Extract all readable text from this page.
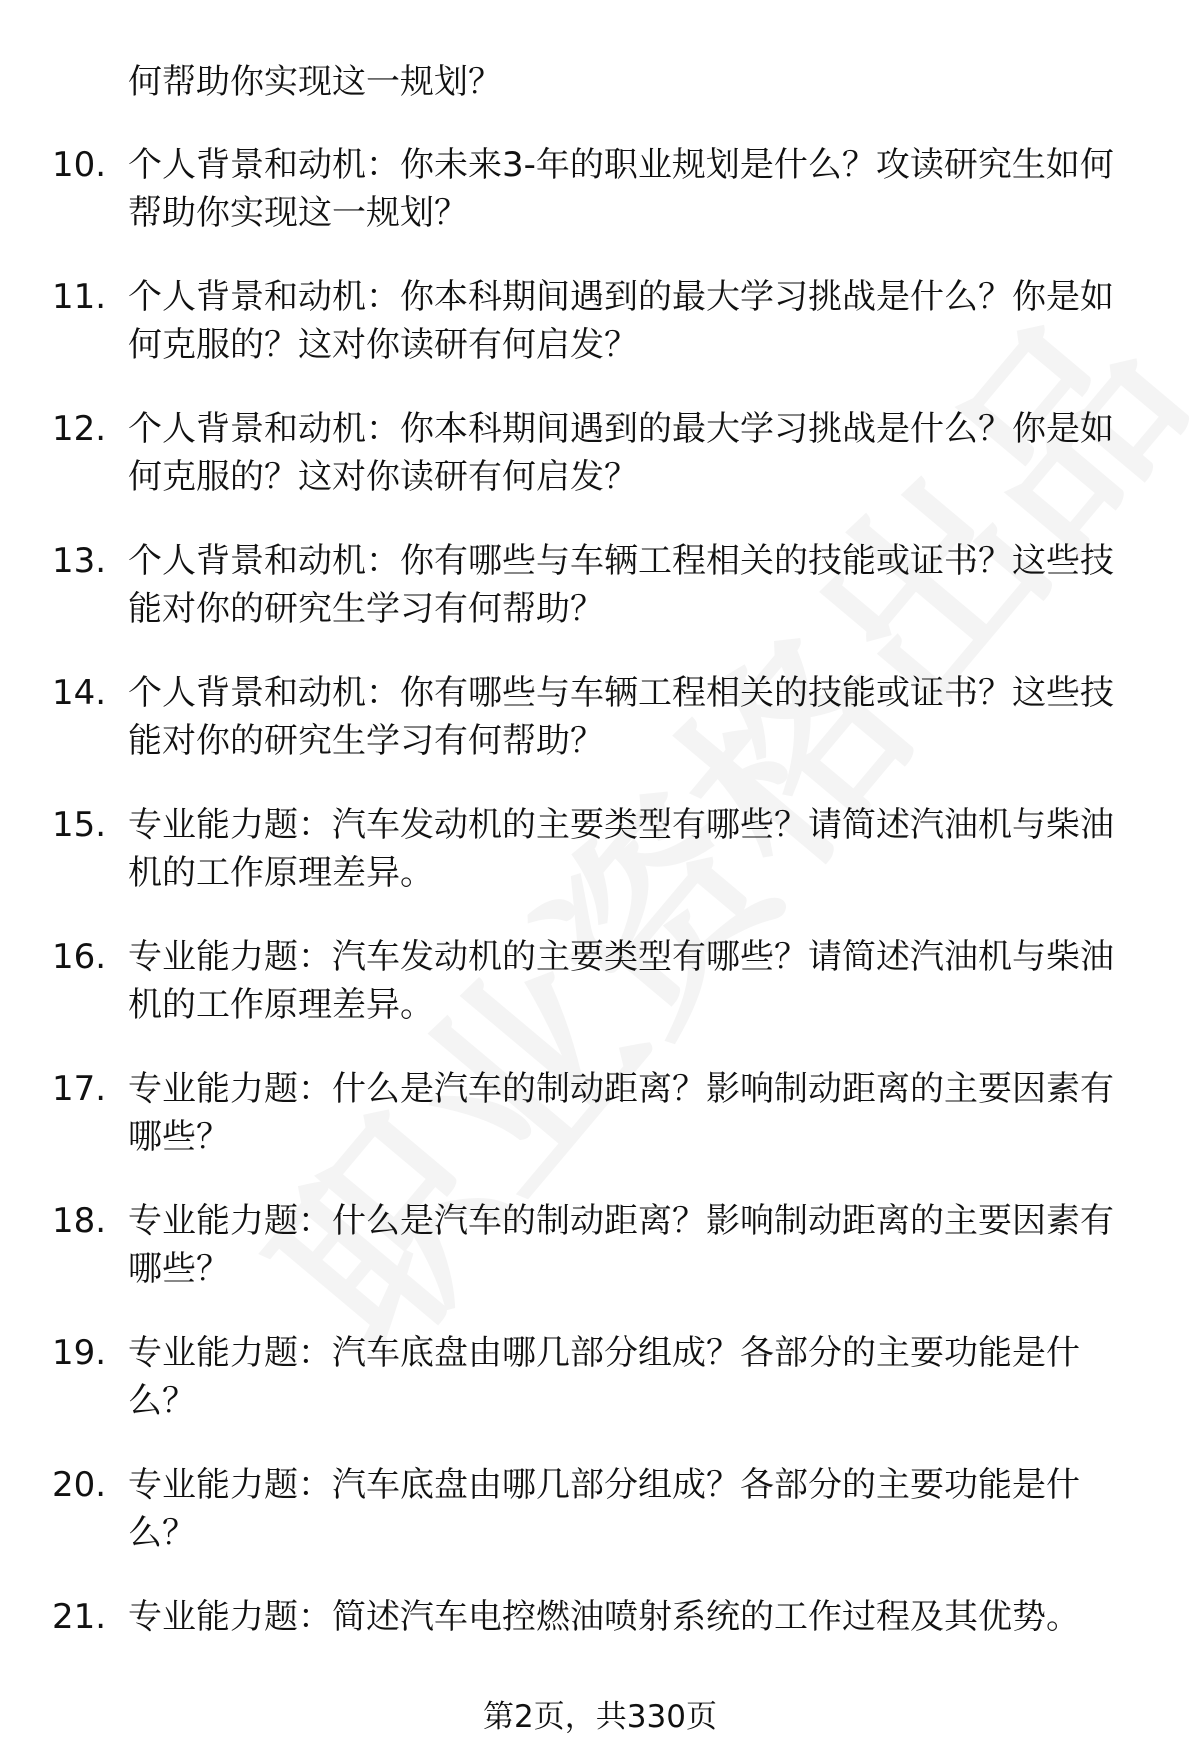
何帮助你实现这一规划？

10. 个人背景和动机：你未来3-年的职业规划是什么？攻读研究生如何帮助你实现这一规划？

11. 个人背景和动机：你本科期间遇到的最大学习挑战是什么？你是如何克服的？这对你读研有何启发？

12. 个人背景和动机：你本科期间遇到的最大学习挑战是什么？你是如何克服的？这对你读研有何启发？

13. 个人背景和动机：你有哪些与车辆工程相关的技能或证书？这些技能对你的研究生学习有何帮助？

14. 个人背景和动机：你有哪些与车辆工程相关的技能或证书？这些技能对你的研究生学习有何帮助？

15. 专业能力题：汽车发动机的主要类型有哪些？请简述汽油机与柴油机的工作原理差异。

16. 专业能力题：汽车发动机的主要类型有哪些？请简述汽油机与柴油机的工作原理差异。

17. 专业能力题：什么是汽车的制动距离？影响制动距离的主要因素有哪些？

18. 专业能力题：什么是汽车的制动距离？影响制动距离的主要因素有哪些？

19. 专业能力题：汽车底盘由哪几部分组成？各部分的主要功能是什么？

20. 专业能力题：汽车底盘由哪几部分组成？各部分的主要功能是什么？

21. 专业能力题：简述汽车电控燃油喷射系统的工作过程及其优势。

第2页，共330页
